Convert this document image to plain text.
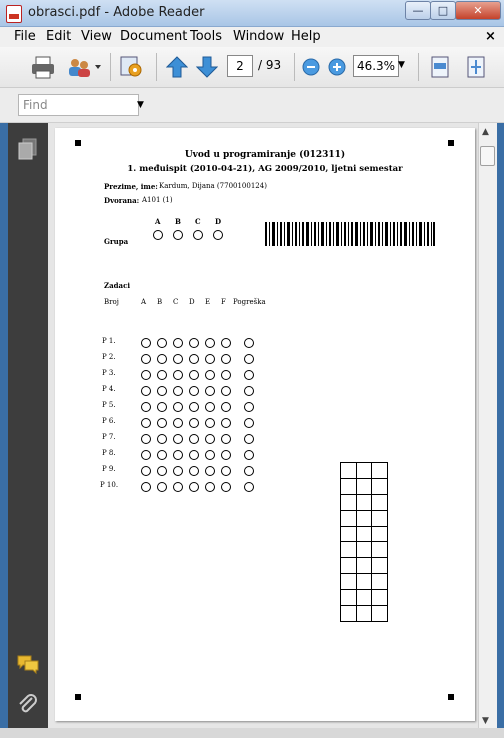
obrasci.pdf - Adobe Reader	—	□	✕
File Edit View Document Tools Window Help	×
2	/ 93	46.3% ▼
Find	▼
▲
▼
Uvod u programiranje (012311)
1. međuispit (2010-04-21), AG 2009/2010, ljetni semestar
Prezime, ime: Kardum, Dijana (7700100124)
Dvorana: A101 (1)
A B C D
Grupa
Zadaci
Broj	A B C D E F Pogreška
P 1.
P 2.
P 3.
P 4.
P 5.
P 6.
P 7.
P 8.
P 9.
P 10.
